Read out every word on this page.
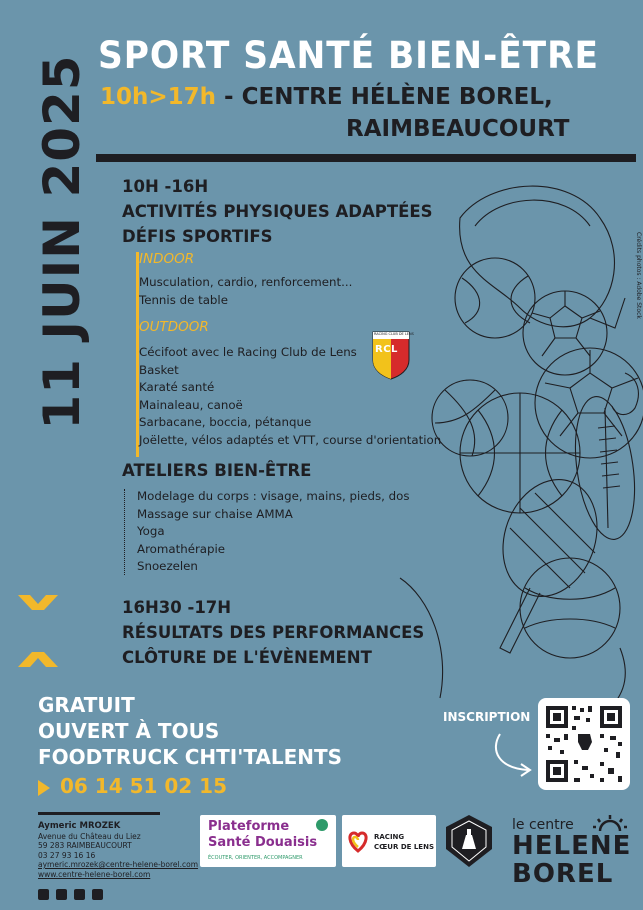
11 JUIN 2025 SPORT SANTÉ BIEN-ÊTRE
10h>17h - CENTRE HÉLÈNE BOREL,
RAIMBEAUCOURT
Crédits photos : Adobe Stock
10H -16H
ACTIVITÉS PHYSIQUES ADAPTÉES
DÉFIS SPORTIFS
INDOOR
Musculation, cardio, renforcement...
Tennis de table
OUTDOOR
Cécifoot avec le Racing Club de Lens
Basket
Karaté santé
Mainaleau, canoë
Sarbacane, boccia, pétanque
Joëlette, vélos adaptés et VTT, course d'orientation
RACING CLUB DE LENS
RCL
ATELIERS BIEN-ÊTRE
Modelage du corps : visage, mains, pieds, dos
Massage sur chaise AMMA
Yoga
Aromathérapie
Snoezelen
16H30 -17H
RÉSULTATS DES PERFORMANCES
CLÔTURE DE L'ÉVÈNEMENT
GRATUIT
OUVERT À TOUS
FOODTRUCK CHTI'TALENTS
06 14 51 02 15
INSCRIPTION
Aymeric MROZEK
Avenue du Château du Liez
59 283 RAIMBEAUCOURT
03 27 93 16 16
aymeric.mrozek@centre-helene-borel.com
www.centre-helene-borel.com
Plateforme
Santé Douaisis
ÉCOUTER, ORIENTER, ACCOMPAGNER
RACING
CŒUR DE LENS
le centre
HELENE
BOREL
